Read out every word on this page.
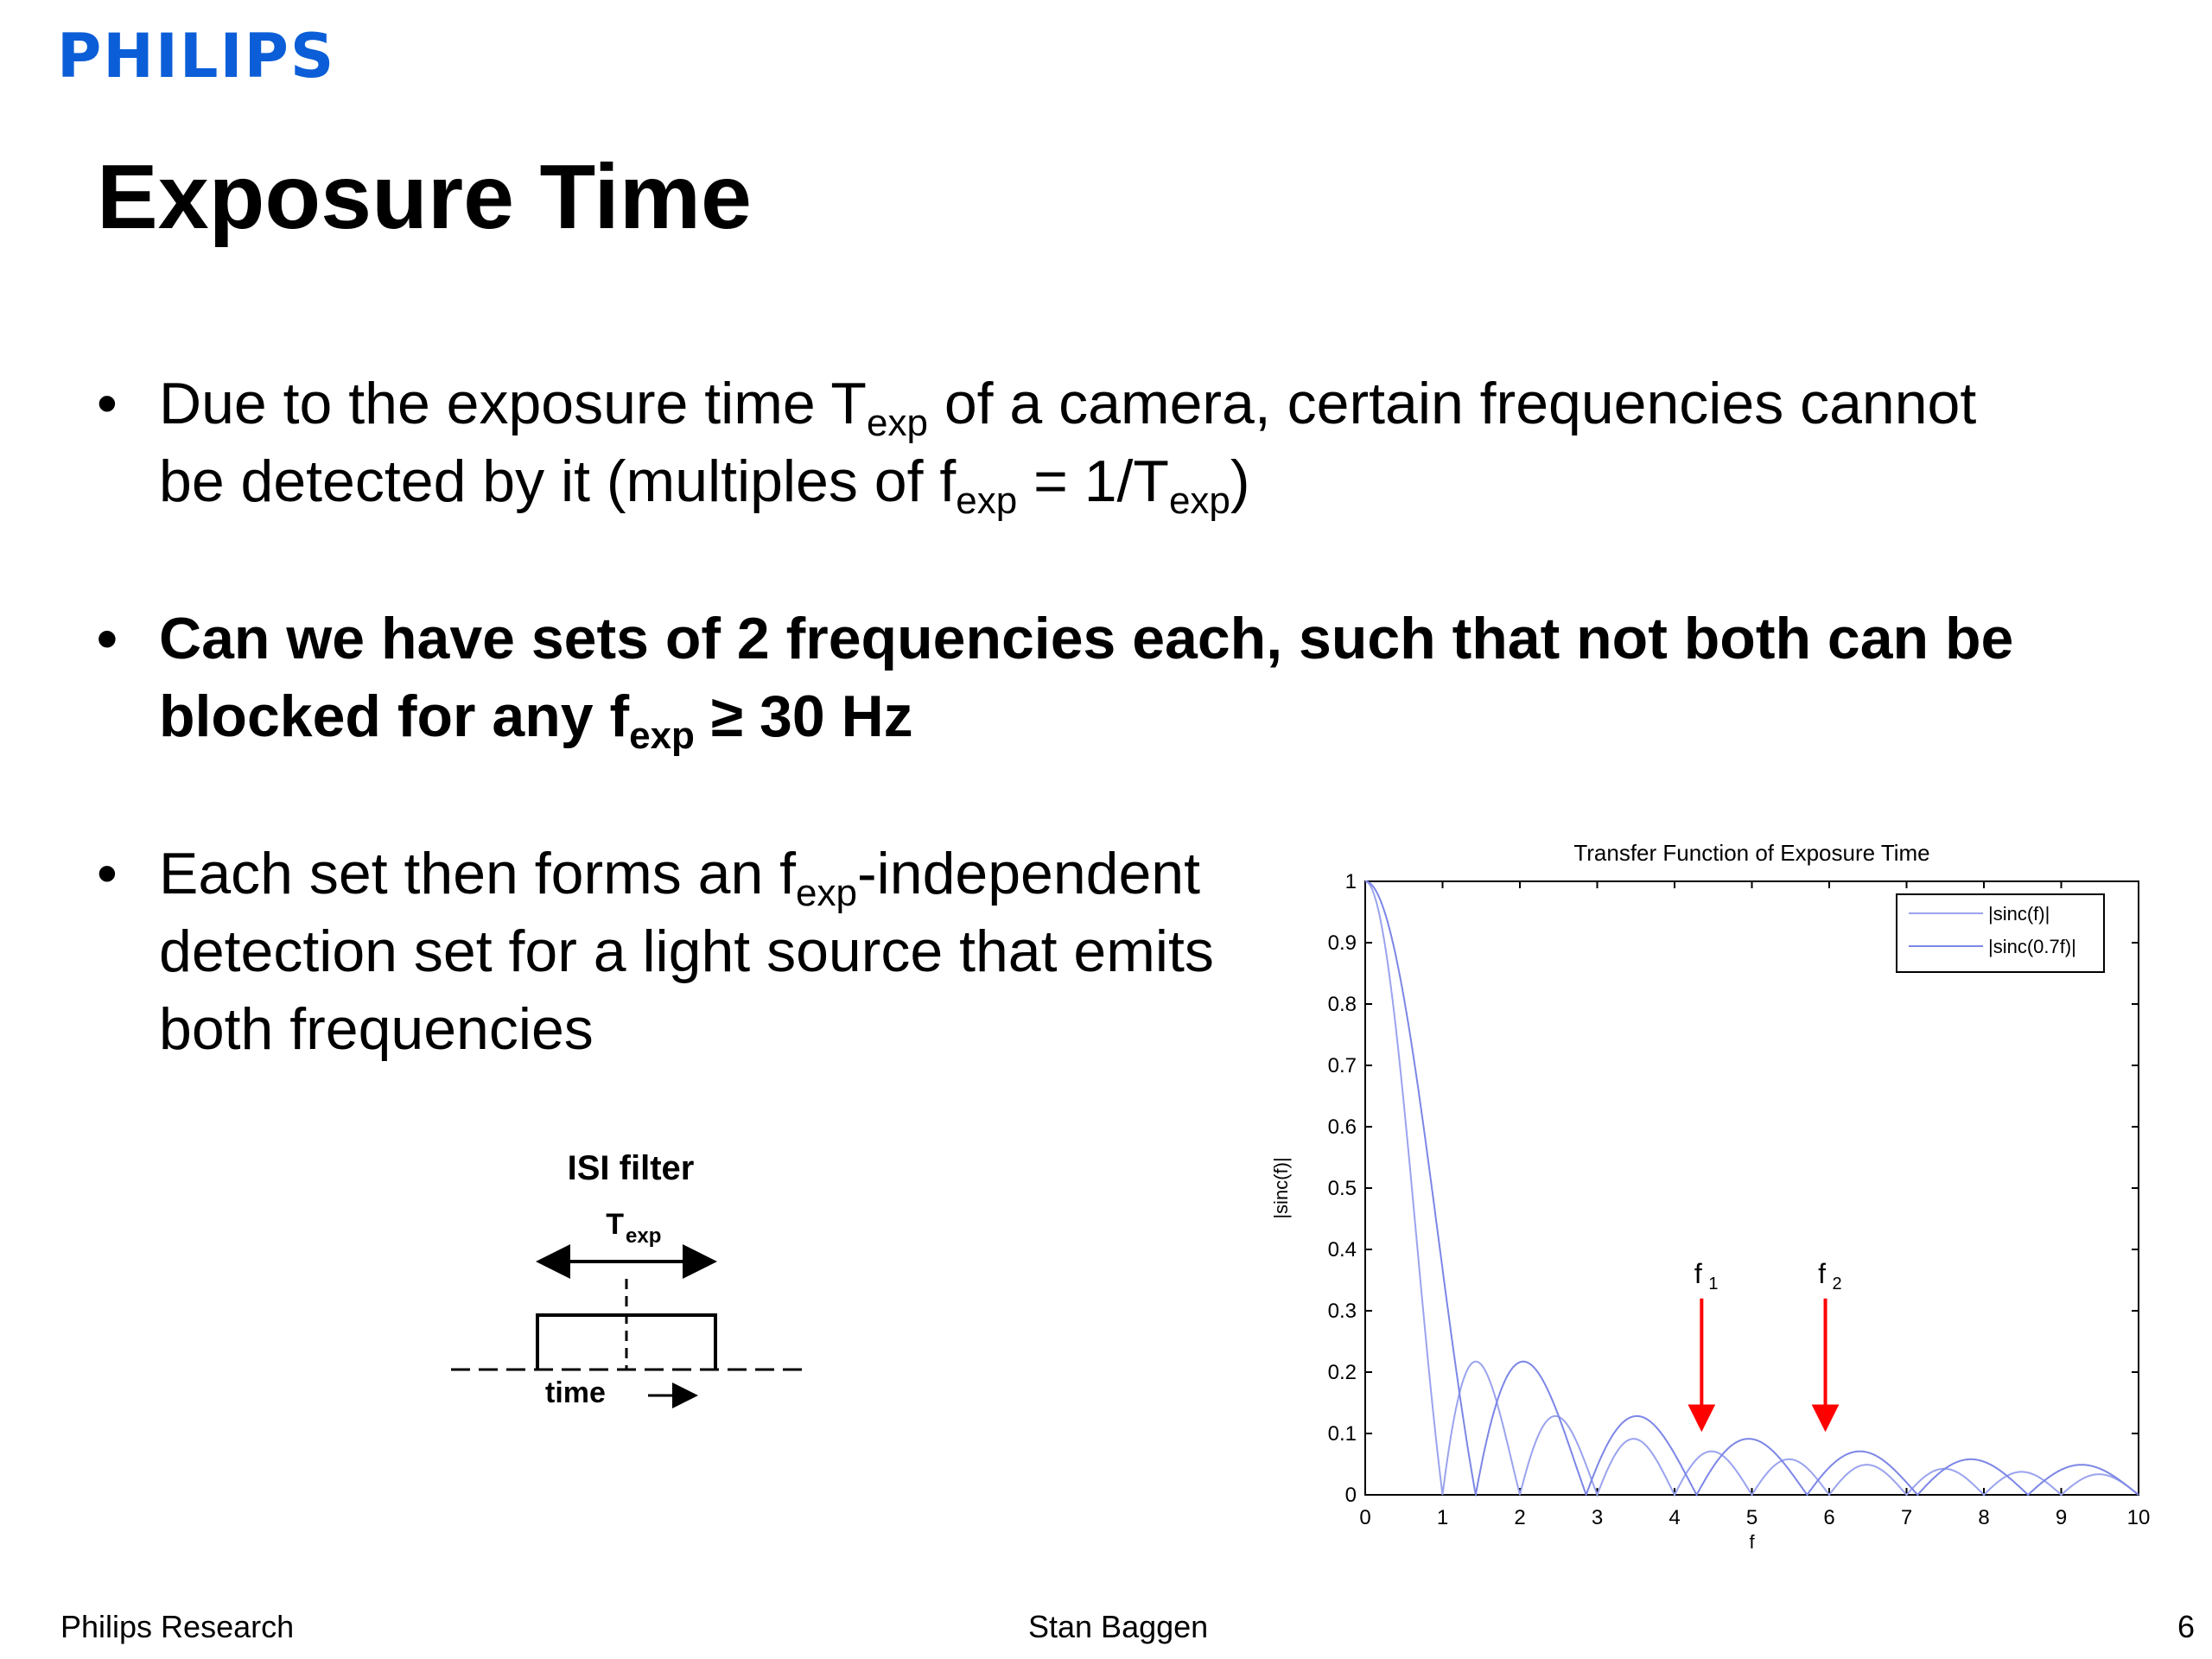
PHILIPS
Exposure Time
• Due to the exposure time $T_{exp}$ of a camera, certain frequencies cannot
be detected by it (multiples of $f_{exp} = 1/T_{exp}$)
• Can we have sets of 2 frequencies each, such that not both can be
blocked for any $f_{exp} \ge 30$ Hz
• Each set then forms an $f_{exp}$-independent
detection set for a light source that emits
both frequencies
ISI filter
T exp
time
Transfer Function of Exposure Time
f
|sinc(f)|
0	1	2	3	4	5	6	7	8	9	10
0
0.1
0.2
0.3
0.4
0.5
0.6
0.7
0.8
0.9
1
f 1	f 2
|sinc(f)|
|sinc(0.7f)|
Philips Research	Stan Baggen	6
